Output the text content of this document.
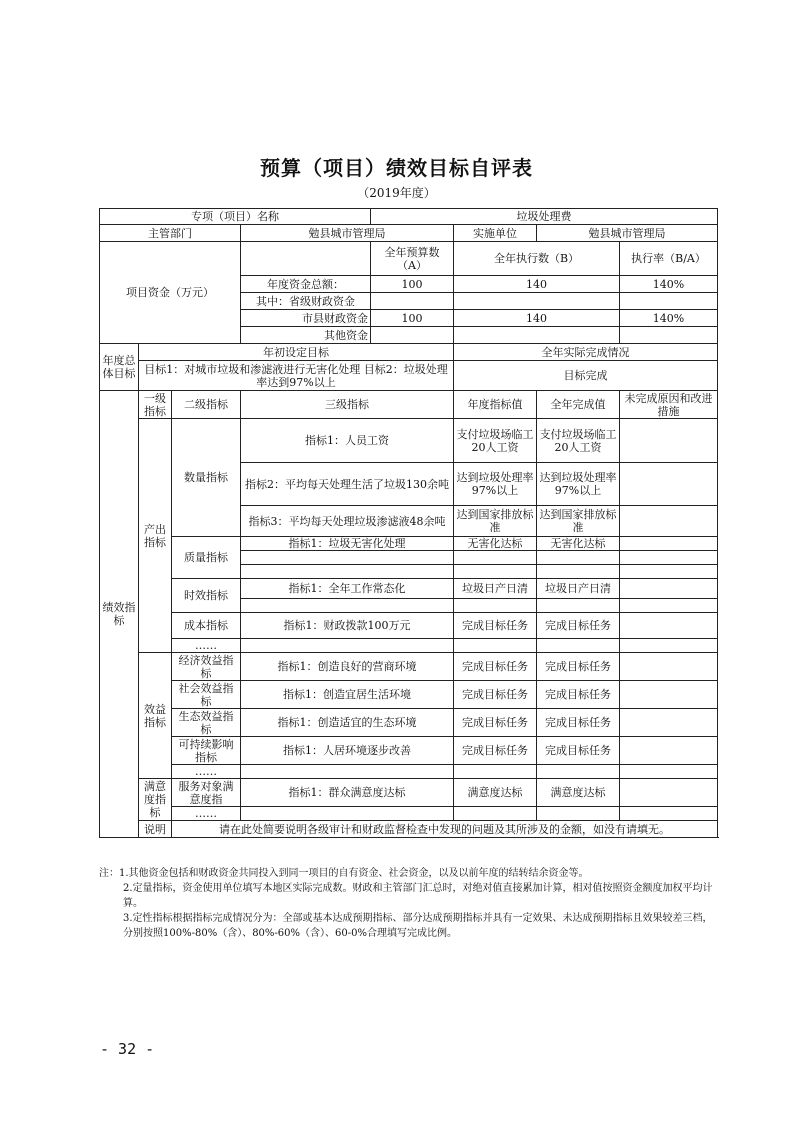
预算（项目）绩效目标自评表
（2019年度）
专项（项目）名称				垃圾处理费			
主管部门			勉县城市管理局		实施单位	勉县城市管理局	
项目资金（万元）				全年预算数（A）	全年执行数（B）		执行率（B/A）
			年度资金总额：	100	140		140%
			其中：省级财政资金				
			市县财政资金	100	140		140%
			其他资金				
年度总体目标	年初设定目标				全年实际完成情况		
	目标1：对城市垃圾和渗滤液进行无害化处理 目标2：垃圾处理率达到97%以上				目标完成		
绩效指标	一级指标	二级指标	三级指标		年度指标值	全年完成值	未完成原因和改进措施
	产出指标	数量指标	指标1：人员工资		支付垃圾场临工20人工资	支付垃圾场临工20人工资	
			指标2：平均每天处理生活了垃圾130余吨		达到垃圾处理率97%以上	达到垃圾处理率97%以上	
			指标3：平均每天处理垃圾渗滤液48余吨		达到国家排放标准	达到国家排放标准	
		质量指标	指标1：垃圾无害化处理		无害化达标	无害化达标	

		时效指标	指标1：全年工作常态化		垃圾日产日清	垃圾日产日清	

		成本指标	指标1：财政拨款100万元		完成目标任务	完成目标任务	
		……					
	效益指标	经济效益指标	指标1：创造良好的营商环境		完成目标任务	完成目标任务	
		社会效益指标	指标1：创造宜居生活环境		完成目标任务	完成目标任务	
		生态效益指标	指标1：创造适宜的生态环境		完成目标任务	完成目标任务	
		可持续影响指标	指标1：人居环境逐步改善		完成目标任务	完成目标任务	
		……					
	满意度指标	服务对象满意度指	指标1：群众满意度达标		满意度达标	满意度达标	
		……					
	说明	请在此处简要说明各级审计和财政监督检查中发现的问题及其所涉及的金额，如没有请填无。					

注：1.其他资金包括和财政资金共同投入到同一项目的自有资金、社会资金，以及以前年度的结转结余资金等。

2.定量指标，资金使用单位填写本地区实际完成数。财政和主管部门汇总时，对绝对值直接累加计算，相对值按照资金额度加权平均计算。

3.定性指标根据指标完成情况分为：全部或基本达成预期指标、部分达成预期指标并具有一定效果、未达成预期指标且效果较差三档，分别按照100%-80%（含）、80%-60%（含）、60-0%合理填写完成比例。

- 32 -
